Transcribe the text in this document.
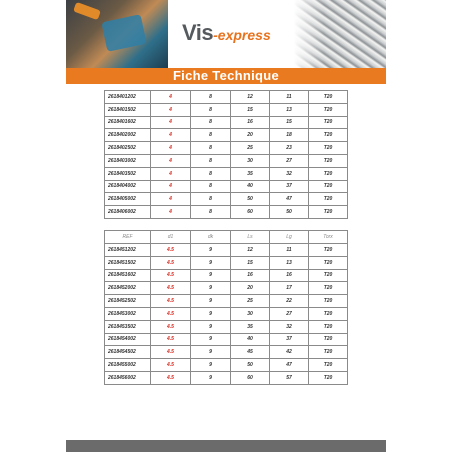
Vis-express
Fiche Technique
2618401202	4	8	12	11	T20
2618401502	4	8	15	13	T20
2618401602	4	8	16	15	T20
2618402002	4	8	20	18	T20
2618402502	4	8	25	23	T20
2618403002	4	8	30	27	T20
2618403502	4	8	35	32	T20
2618404002	4	8	40	37	T20
2618405002	4	8	50	47	T20
2618406002	4	8	60	50	T20
REF	d1	dk	Ls	Lg	Torx
2618451202	4.5	9	12	11	T20
2618451502	4.5	9	15	13	T20
2618451602	4.5	9	16	16	T20
2618452002	4.5	9	20	17	T20
2618452502	4.5	9	25	22	T20
2618453002	4.5	9	30	27	T20
2618453502	4.5	9	35	32	T20
2618454002	4.5	9	40	37	T20
2618454502	4.5	9	45	42	T20
2618455002	4.5	9	50	47	T20
2618456002	4.5	9	60	57	T20
